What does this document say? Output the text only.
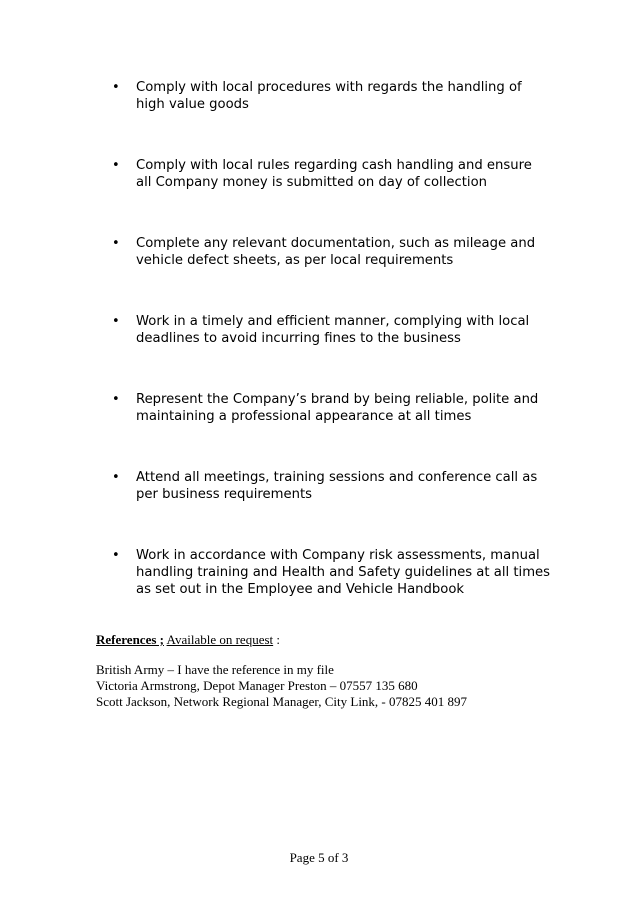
• Comply with local procedures with regards the handling of
high value goods
• Comply with local rules regarding cash handling and ensure
all Company money is submitted on day of collection
• Complete any relevant documentation, such as mileage and
vehicle defect sheets, as per local requirements
• Work in a timely and efficient manner, complying with local
deadlines to avoid incurring fines to the business
• Represent the Company’s brand by being reliable, polite and
maintaining a professional appearance at all times
• Attend all meetings, training sessions and conference call as
per business requirements
• Work in accordance with Company risk assessments, manual
handling training and Health and Safety guidelines at all times
as set out in the Employee and Vehicle Handbook

References ; Available on request :

British Army – I have the reference in my file

Victoria Armstrong, Depot Manager Preston – 07557 135 680

Scott Jackson, Network Regional Manager, City Link, - 07825 401 897

Page 5 of 3
